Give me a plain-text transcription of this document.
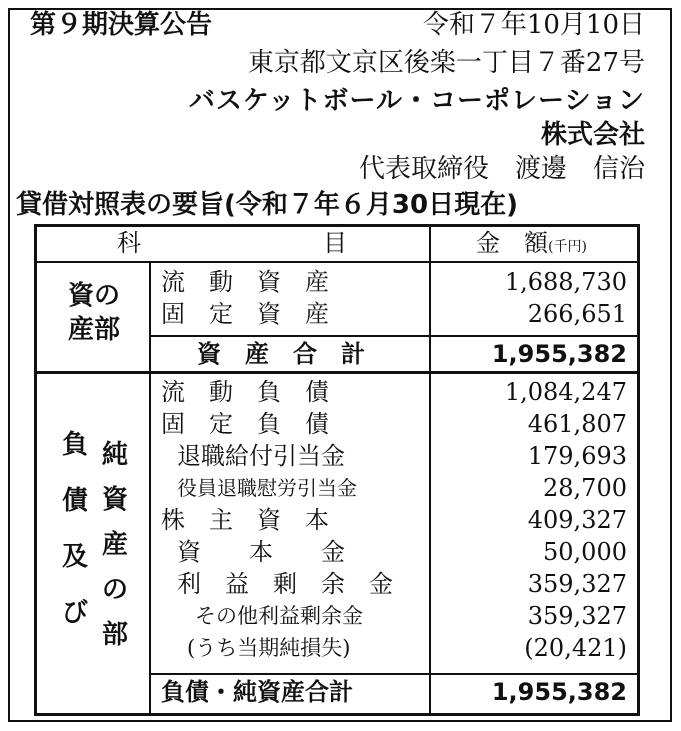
第９期決算公告	令和７年10月10日
東京都文京区後楽一丁目７番27号
バスケットボール・コーポレーション
株式会社
代表取締役　渡邊　信治
貸借対照表の要旨(令和７年６月30日現在)
科	目	金　額(千円)
資の
産部
流　動　資　産	1,688,730
固　定　資　産	266,651
資　産　合　計	1,955,382
負
債
及
び
純
資
産
の
部
流　動　負　債	1,084,247
固　定　負　債	461,807
退職給付引当金	179,693
役員退職慰労引当金	28,700
株　主　資　本	409,327
資　　本　　金	50,000
利　益　剰　余　金	359,327
その他利益剰余金	359,327
(うち当期純損失)	(20,421)
負債・純資産合計	1,955,382
